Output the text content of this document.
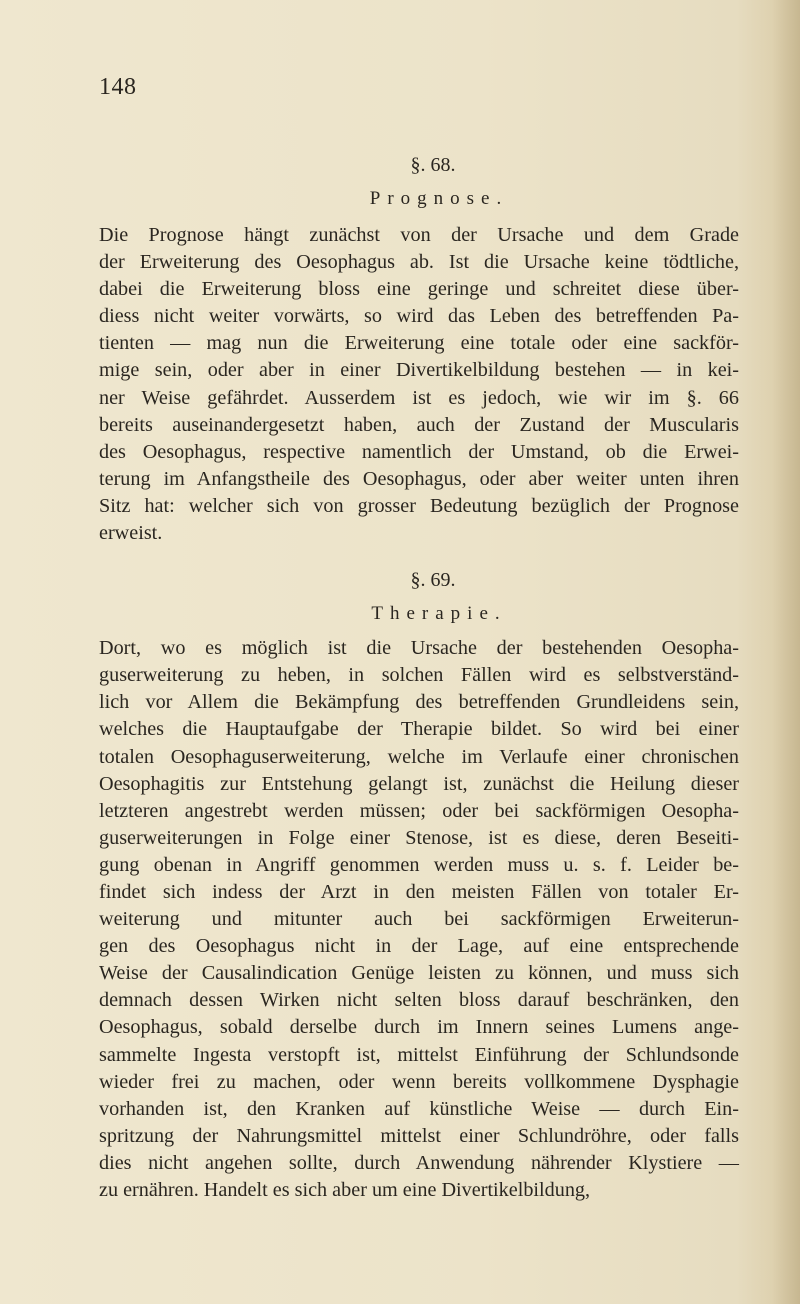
148
§. 68.
Prognose.
Die Prognose hängt zunächst von der Ursache und dem Grade
der Erweiterung des Oesophagus ab. Ist die Ursache keine tödtliche,
dabei die Erweiterung bloss eine geringe und schreitet diese über-
diess nicht weiter vorwärts, so wird das Leben des betreffenden Pa-
tienten — mag nun die Erweiterung eine totale oder eine sackför-
mige sein, oder aber in einer Divertikelbildung bestehen — in kei-
ner Weise gefährdet. Ausserdem ist es jedoch, wie wir im §. 66
bereits auseinandergesetzt haben, auch der Zustand der Muscularis
des Oesophagus, respective namentlich der Umstand, ob die Erwei-
terung im Anfangstheile des Oesophagus, oder aber weiter unten ihren
Sitz hat: welcher sich von grosser Bedeutung bezüglich der Prognose
erweist.
§. 69.
Therapie.
Dort, wo es möglich ist die Ursache der bestehenden Oesopha-
guserweiterung zu heben, in solchen Fällen wird es selbstverständ-
lich vor Allem die Bekämpfung des betreffenden Grundleidens sein,
welches die Hauptaufgabe der Therapie bildet. So wird bei einer
totalen Oesophaguserweiterung, welche im Verlaufe einer chronischen
Oesophagitis zur Entstehung gelangt ist, zunächst die Heilung dieser
letzteren angestrebt werden müssen; oder bei sackförmigen Oesopha-
guserweiterungen in Folge einer Stenose, ist es diese, deren Beseiti-
gung obenan in Angriff genommen werden muss u. s. f. Leider be-
findet sich indess der Arzt in den meisten Fällen von totaler Er-
weiterung und mitunter auch bei sackförmigen Erweiterun-
gen des Oesophagus nicht in der Lage, auf eine entsprechende
Weise der Causalindication Genüge leisten zu können, und muss sich
demnach dessen Wirken nicht selten bloss darauf beschränken, den
Oesophagus, sobald derselbe durch im Innern seines Lumens ange-
sammelte Ingesta verstopft ist, mittelst Einführung der Schlundsonde
wieder frei zu machen, oder wenn bereits vollkommene Dysphagie
vorhanden ist, den Kranken auf künstliche Weise — durch Ein-
spritzung der Nahrungsmittel mittelst einer Schlundröhre, oder falls
dies nicht angehen sollte, durch Anwendung nährender Klystiere —
zu ernähren. Handelt es sich aber um eine Divertikelbildung,
